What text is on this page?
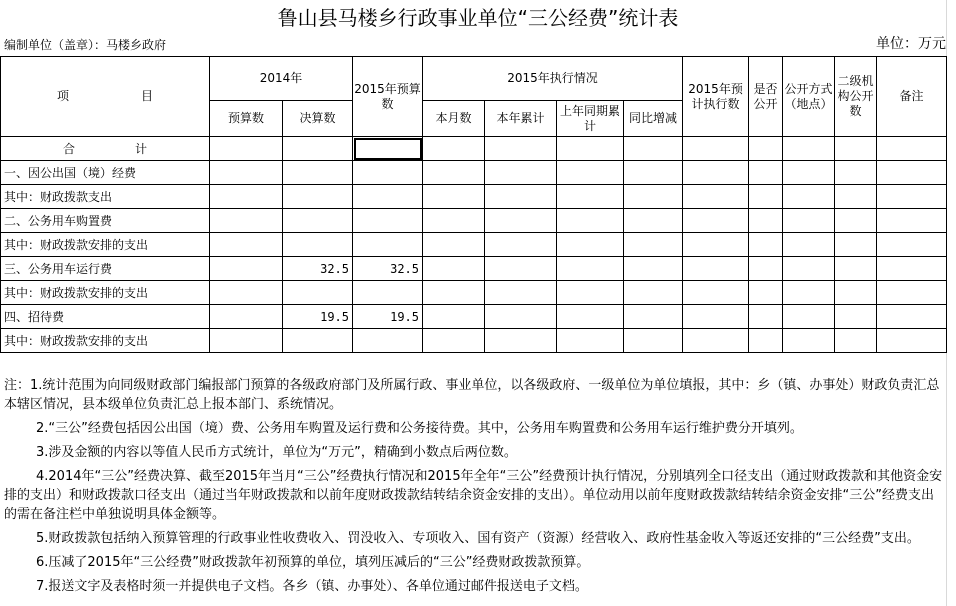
鲁山县马楼乡行政事业单位“三公经费”统计表
编制单位（盖章）：马楼乡政府	单位：万元
项　　　　　　目	2014年		2015年预算数	2015年执行情况				2015年预计执行数	是否公开	公开方式（地点）	二级机构公开数	备注
	预算数	决算数		本月数	本年累计	上年同期累计	同比增减					
合　　　　　计												
一、因公出国（境）经费												
其中：财政拨款支出												
二、公务用车购置费												
其中：财政拨款安排的支出												
三、公务用车运行费		32.5	32.5									
其中：财政拨款安排的支出												
四、招待费		19.5	19.5									
其中：财政拨款安排的支出												

注：1.统计范围为向同级财政部门编报部门预算的各级政府部门及所属行政、事业单位，以各级政府、一级单位为单位填报，其中：乡（镇、办事处）财政负责汇总本辖区情况，县本级单位负责汇总上报本部门、系统情况。

2.“三公”经费包括因公出国（境）费、公务用车购置及运行费和公务接待费。其中，公务用车购置费和公务用车运行维护费分开填列。

3.涉及金额的内容以等值人民币方式统计，单位为“万元”，精确到小数点后两位数。

4.2014年“三公”经费决算、截至2015年当月“三公”经费执行情况和2015年全年“三公”经费预计执行情况，分别填列全口径支出（通过财政拨款和其他资金安排的支出）和财政拨款口径支出（通过当年财政拨款和以前年度财政拨款结转结余资金安排的支出）。单位动用以前年度财政拨款结转结余资金安排“三公”经费支出的需在备注栏中单独说明具体金额等。

5.财政拨款包括纳入预算管理的行政事业性收费收入、罚没收入、专项收入、国有资产（资源）经营收入、政府性基金收入等返还安排的“三公经费”支出。

6.压减了2015年“三公经费”财政拨款年初预算的单位，填列压减后的“三公”经费财政拨款预算。

7.报送文字及表格时须一并提供电子文档。各乡（镇、办事处）、各单位通过邮件报送电子文档。
